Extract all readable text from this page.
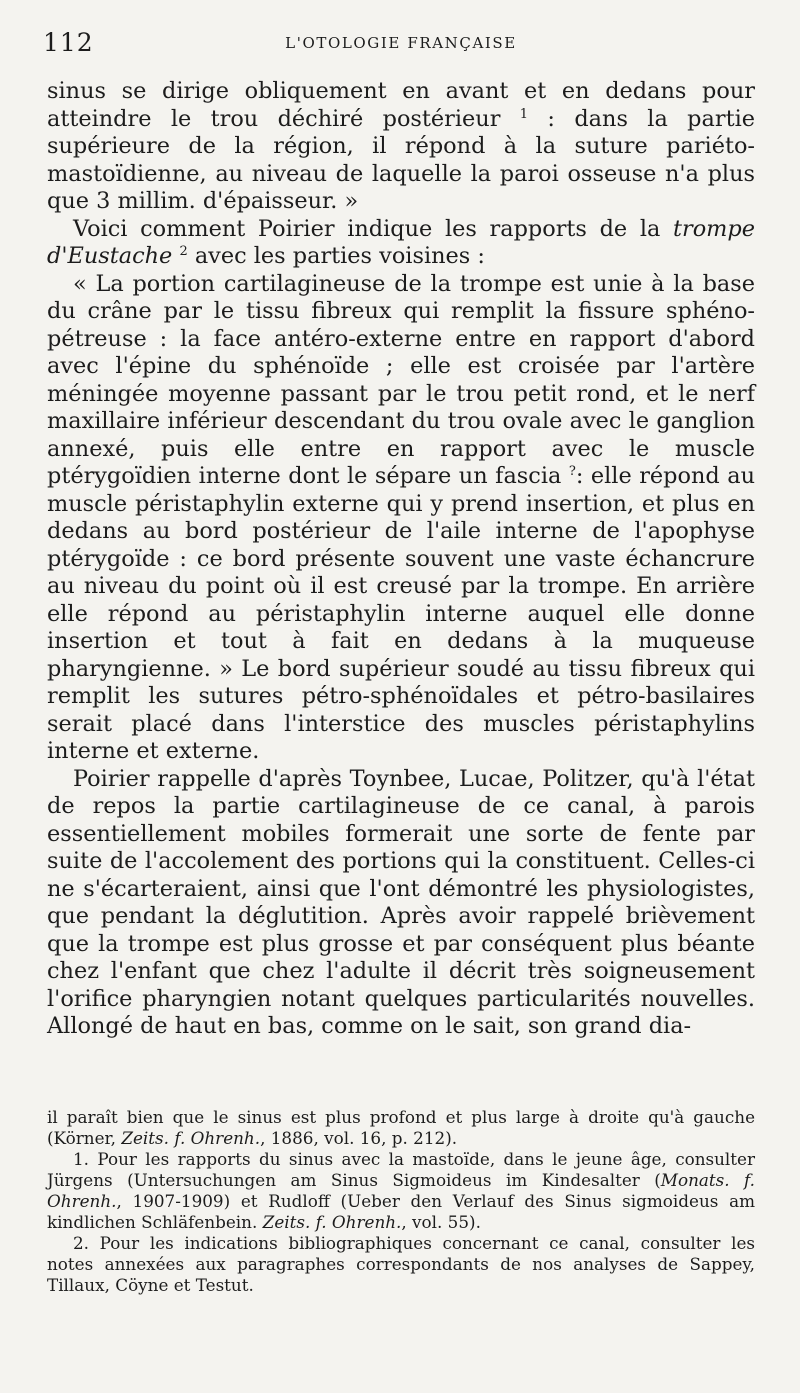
112	L'OTOLOGIE FRANÇAISE

sinus se dirige obliquement en avant et en dedans pour atteindre le trou déchiré postérieur $^1$ : dans la partie supérieure de la région, il répond à la suture pariéto-mastoïdienne, au niveau de laquelle la paroi osseuse n'a plus que 3 millim. d'épaisseur. »

Voici comment Poirier indique les rapports de la trompe d'Eustache $^2$ avec les parties voisines :

« La portion cartilagineuse de la trompe est unie à la base du crâne par le tissu fibreux qui remplit la fissure sphéno-pétreuse : la face antéro-externe entre en rapport d'abord avec l'épine du sphénoïde ; elle est croisée par l'artère méningée moyenne passant par le trou petit rond, et le nerf maxillaire inférieur descendant du trou ovale avec le ganglion annexé, puis elle entre en rapport avec le muscle ptérygoïdien interne dont le sépare un fascia ?: elle répond au muscle péristaphylin externe qui y prend insertion, et plus en dedans au bord postérieur de l'aile interne de l'apophyse ptérygoïde : ce bord présente souvent une vaste échancrure au niveau du point où il est creusé par la trompe. En arrière elle répond au péristaphylin interne auquel elle donne insertion et tout à fait en dedans à la muqueuse pharyngienne. » Le bord supérieur soudé au tissu fibreux qui remplit les sutures pétro-sphénoïdales et pétro-basilaires serait placé dans l'interstice des muscles péristaphylins interne et externe.

Poirier rappelle d'après Toynbee, Lucae, Politzer, qu'à l'état de repos la partie cartilagineuse de ce canal, à parois essentiellement mobiles formerait une sorte de fente par suite de l'accolement des portions qui la constituent. Celles-ci ne s'écarteraient, ainsi que l'ont démontré les physiologistes, que pendant la déglutition. Après avoir rappelé brièvement que la trompe est plus grosse et par conséquent plus béante chez l'enfant que chez l'adulte il décrit très soigneusement l'orifice pharyngien notant quelques particularités nouvelles. Allongé de haut en bas, comme on le sait, son grand dia-

il paraît bien que le sinus est plus profond et plus large à droite qu'à gauche (Körner, Zeits. f. Ohrenh., 1886, vol. 16, p. 212).

1. Pour les rapports du sinus avec la mastoïde, dans le jeune âge, consulter Jürgens (Untersuchungen am Sinus Sigmoideus im Kindesalter (Monats. f. Ohrenh., 1907-1909) et Rudloff (Ueber den Verlauf des Sinus sigmoideus am kindlichen Schläfenbein. Zeits. f. Ohrenh., vol. 55).

2. Pour les indications bibliographiques concernant ce canal, consulter les notes annexées aux paragraphes correspondants de nos analyses de Sappey, Tillaux, Cöyne et Testut.
